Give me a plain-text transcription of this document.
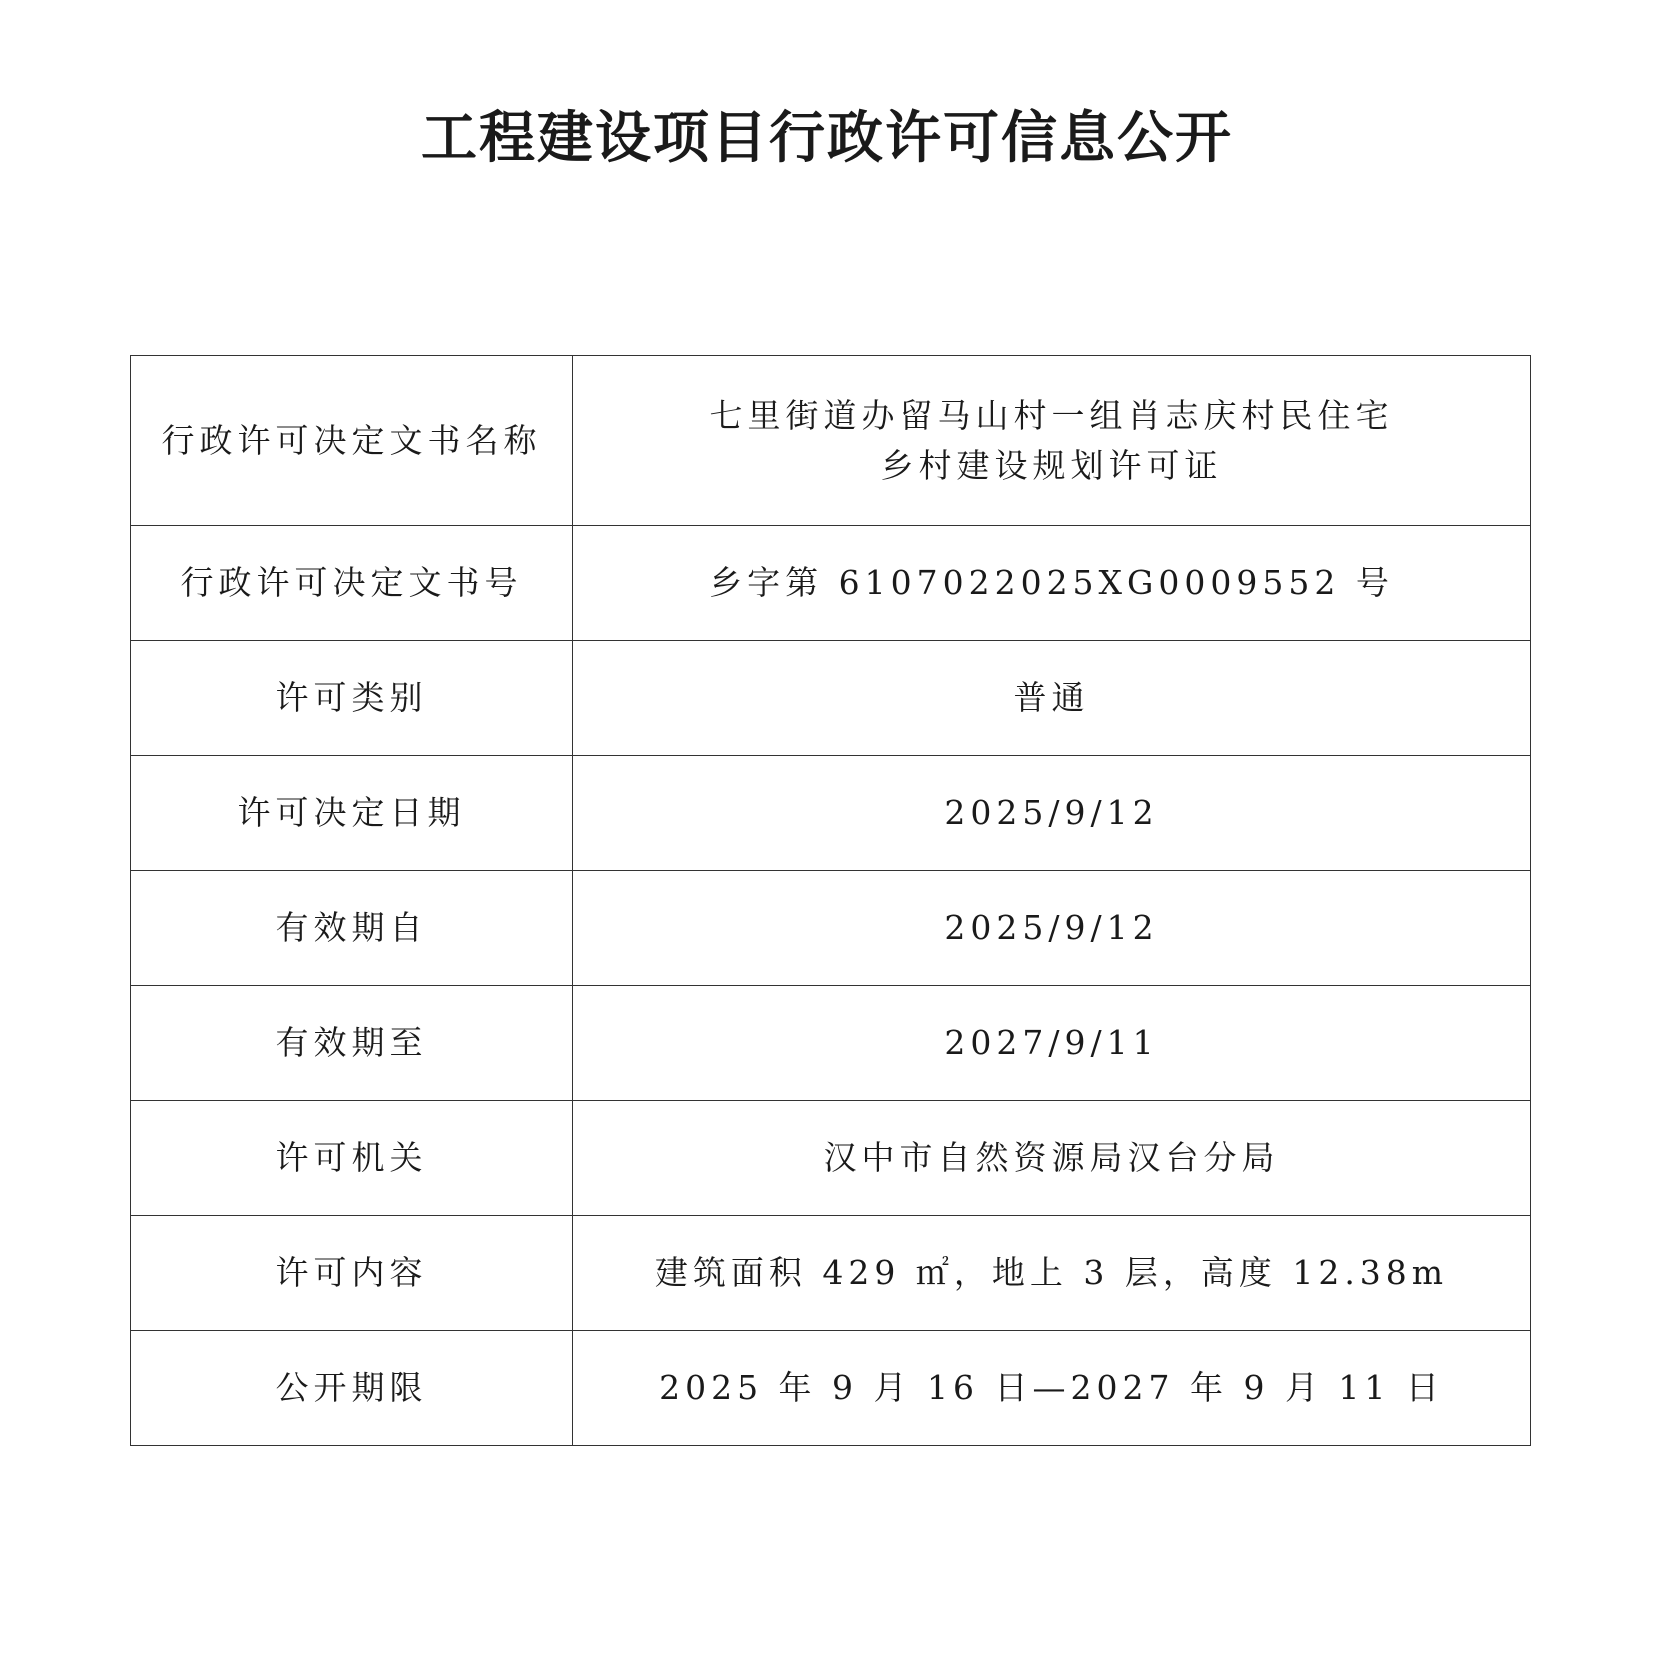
工程建设项目行政许可信息公开
行政许可决定文书名称	七里街道办留马山村一组肖志庆村民住宅
乡村建设规划许可证

行政许可决定文书号	乡字第 6107022025XG0009552 号
许可类别	普通
许可决定日期	2025/9/12
有效期自	2025/9/12
有效期至	2027/9/11
许可机关	汉中市自然资源局汉台分局
许可内容	建筑面积 429 ㎡，地上 3 层，高度 12.38m
公开期限	2025 年 9 月 16 日—2027 年 9 月 11 日
